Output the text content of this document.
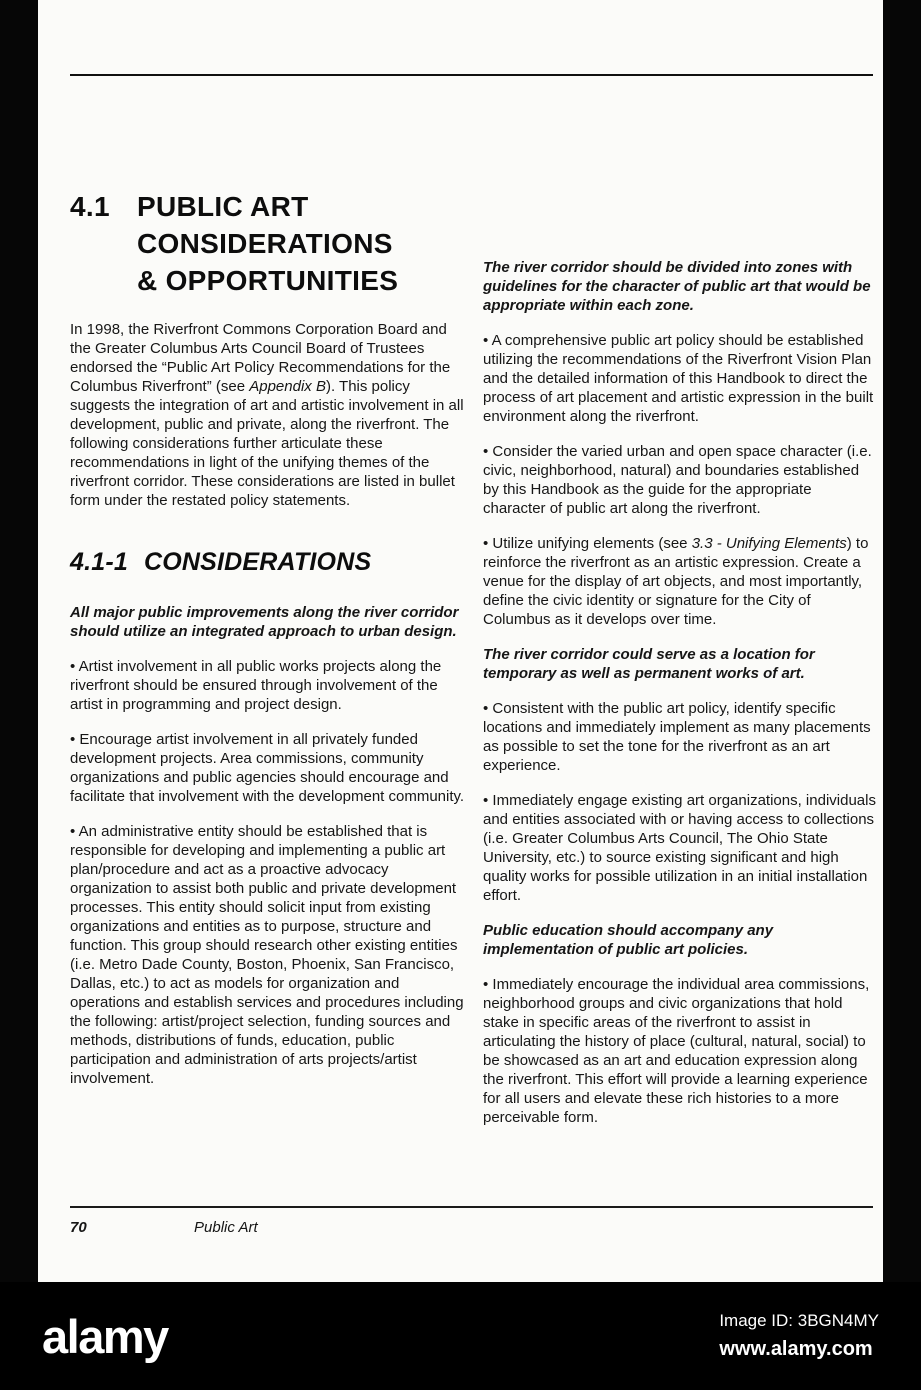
4.1 PUBLIC ART
CONSIDERATIONS
& OPPORTUNITIES

In 1998, the Riverfront Commons Corporation Board and the Greater Columbus Arts Council Board of Trustees endorsed the “Public Art Policy Recommendations for the Columbus Riverfront” (see Appendix B). This policy suggests the integration of art and artistic involvement in all development, public and private, along the riverfront. The following considerations further articulate these recommendations in light of the unifying themes of the riverfront corridor. These considerations are listed in bullet form under the restated policy statements.

4.1-1 CONSIDERATIONS

All major public improvements along the river corridor should utilize an integrated approach to urban design.

• Artist involvement in all public works projects along the riverfront should be ensured through involvement of the artist in programming and project design.

• Encourage artist involvement in all privately funded development projects. Area commissions, community organizations and public agencies should encourage and facilitate that involvement with the development community.

• An administrative entity should be established that is responsible for developing and implementing a public art plan/procedure and act as a proactive advocacy organization to assist both public and private development processes. This entity should solicit input from existing organizations and entities as to purpose, structure and function. This group should research other existing entities (i.e. Metro Dade County, Boston, Phoenix, San Francisco, Dallas, etc.) to act as models for organization and operations and establish services and procedures including the following: artist/project selection, funding sources and methods, distributions of funds, education, public participation and administration of arts projects/artist involvement.

The river corridor should be divided into zones with guidelines for the character of public art that would be appropriate within each zone.

• A comprehensive public art policy should be established utilizing the recommendations of the Riverfront Vision Plan and the detailed information of this Handbook to direct the process of art placement and artistic expression in the built environment along the riverfront.

• Consider the varied urban and open space character (i.e. civic, neighborhood, natural) and boundaries established by this Handbook as the guide for the appropriate character of public art along the riverfront.

• Utilize unifying elements (see 3.3 - Unifying Elements) to reinforce the riverfront as an artistic expression. Create a venue for the display of art objects, and most importantly, define the civic identity or signature for the City of Columbus as it develops over time.

The river corridor could serve as a location for temporary as well as permanent works of art.

• Consistent with the public art policy, identify specific locations and immediately implement as many placements as possible to set the tone for the riverfront as an art experience.

• Immediately engage existing art organizations, individuals and entities associated with or having access to collections (i.e. Greater Columbus Arts Council, The Ohio State University, etc.) to source existing significant and high quality works for possible utilization in an initial installation effort.

Public education should accompany any implementation of public art policies.

• Immediately encourage the individual area commissions, neighborhood groups and civic organizations that hold stake in specific areas of the riverfront to assist in articulating the history of place (cultural, natural, social) to be showcased as an art and education expression along the riverfront. This effort will provide a learning experience for all users and elevate these rich histories to a more perceivable form.

70	Public Art
alamy	Image ID: 3BGN4MY
www.alamy.com
